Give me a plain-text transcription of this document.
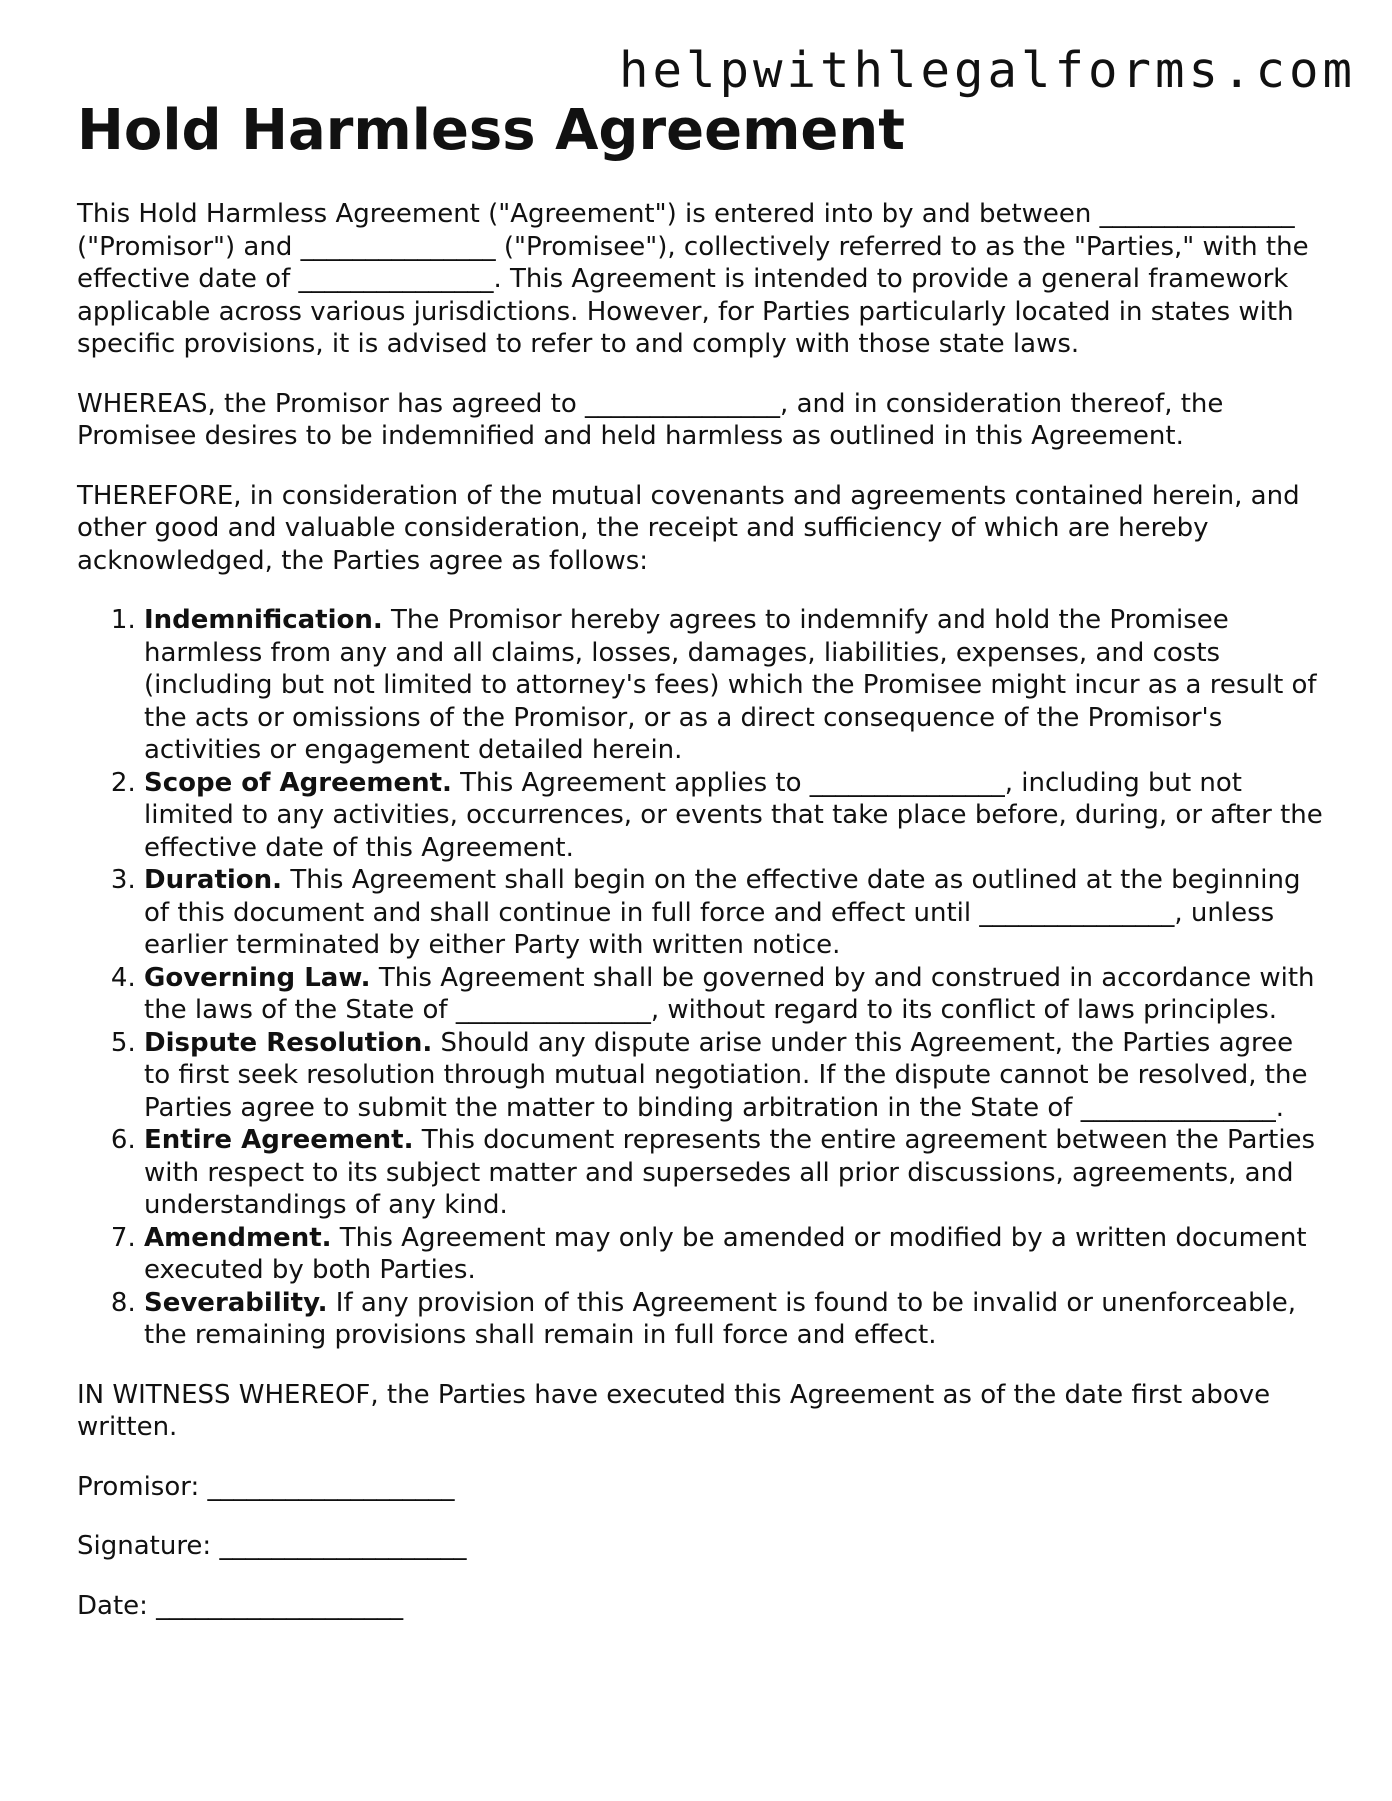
helpwithlegalforms.com
Hold Harmless Agreement

This Hold Harmless Agreement ("Agreement") is entered into by and between _______________ ("Promisor") and _______________ ("Promisee"), collectively referred to as the "Parties," with the effective date of _______________. This Agreement is intended to provide a general framework applicable across various jurisdictions. However, for Parties particularly located in states with specific provisions, it is advised to refer to and comply with those state laws.

WHEREAS, the Promisor has agreed to _______________, and in consideration thereof, the Promisee desires to be indemnified and held harmless as outlined in this Agreement.

THEREFORE, in consideration of the mutual covenants and agreements contained herein, and other good and valuable consideration, the receipt and sufficiency of which are hereby acknowledged, the Parties agree as follows:

1. Indemnification. The Promisor hereby agrees to indemnify and hold the Promisee harmless from any and all claims, losses, damages, liabilities, expenses, and costs (including but not limited to attorney's fees) which the Promisee might incur as a result of the acts or omissions of the Promisor, or as a direct consequence of the Promisor's activities or engagement detailed herein.
2. Scope of Agreement. This Agreement applies to _______________, including but not limited to any activities, occurrences, or events that take place before, during, or after the effective date of this Agreement.
3. Duration. This Agreement shall begin on the effective date as outlined at the beginning of this document and shall continue in full force and effect until _______________, unless earlier terminated by either Party with written notice.
4. Governing Law. This Agreement shall be governed by and construed in accordance with the laws of the State of _______________, without regard to its conflict of laws principles.
5. Dispute Resolution. Should any dispute arise under this Agreement, the Parties agree to first seek resolution through mutual negotiation. If the dispute cannot be resolved, the Parties agree to submit the matter to binding arbitration in the State of _______________.
6. Entire Agreement. This document represents the entire agreement between the Parties with respect to its subject matter and supersedes all prior discussions, agreements, and understandings of any kind.
7. Amendment. This Agreement may only be amended or modified by a written document executed by both Parties.
8. Severability. If any provision of this Agreement is found to be invalid or unenforceable, the remaining provisions shall remain in full force and effect.

IN WITNESS WHEREOF, the Parties have executed this Agreement as of the date first above written.

Promisor: ___________________

Signature: ___________________

Date: ___________________
